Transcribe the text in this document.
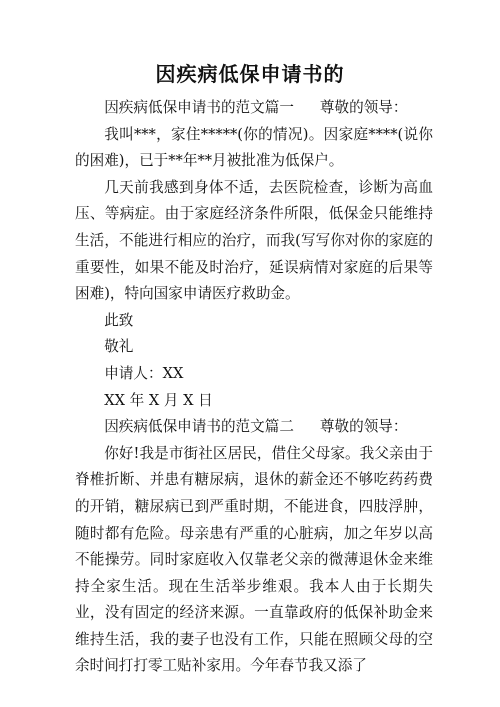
因疾病低保申请书的

因疾病低保申请书的范文篇一 尊敬的领导：

我叫***，家住*****(你的情况)。因家庭****(说你的困难)，已于**年**月被批准为低保户。

几天前我感到身体不适，去医院检查，诊断为高血压、等病症。由于家庭经济条件所限，低保金只能维持生活，不能进行相应的治疗，而我(写写你对你的家庭的重要性，如果不能及时治疗，延误病情对家庭的后果等困难)，特向国家申请医疗救助金。

此致

敬礼

申请人：XX

XX 年 X 月 X 日

因疾病低保申请书的范文篇二 尊敬的领导：

你好!我是市街社区居民，借住父母家。我父亲由于脊椎折断、并患有糖尿病，退休的薪金还不够吃药药费的开销，糖尿病已到严重时期，不能进食，四肢浮肿，随时都有危险。母亲患有严重的心脏病，加之年岁以高不能操劳。同时家庭收入仅靠老父亲的微薄退休金来维持全家生活。现在生活举步维艰。我本人由于长期失业，没有固定的经济来源。一直靠政府的低保补助金来维持生活，我的妻子也没有工作，只能在照顾父母的空余时间打打零工贴补家用。今年春节我又添了
